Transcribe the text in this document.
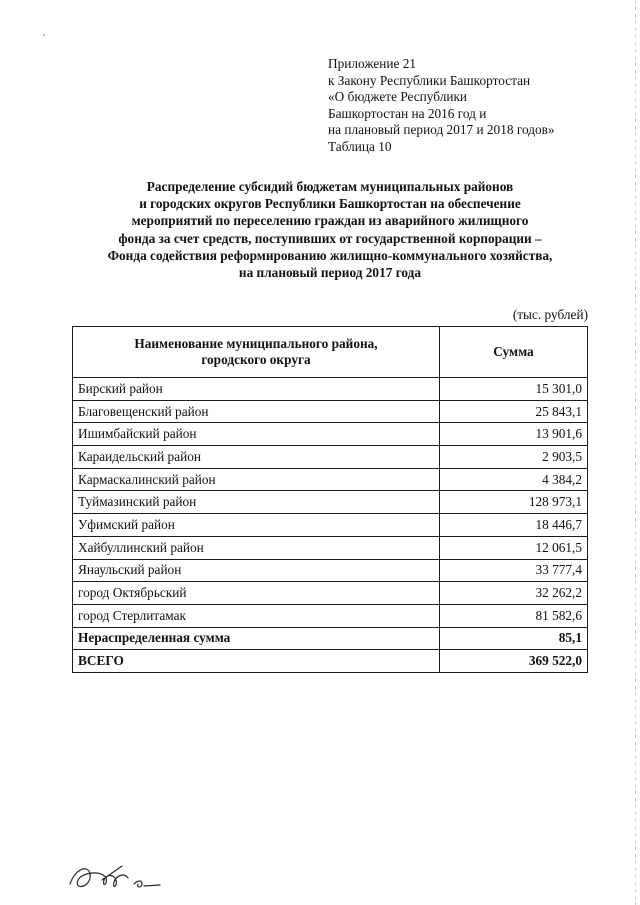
Приложение 21
к Закону Республики Башкортостан
«О бюджете Республики
Башкортостан на 2016 год и
на плановый период 2017 и 2018 годов»
Таблица 10
Распределение субсидий бюджетам муниципальных районов
и городских округов Республики Башкортостан на обеспечение
мероприятий по переселению граждан из аварийного жилищного
фонда за счет средств, поступивших от государственной корпорации –
Фонда содействия реформированию жилищно-коммунального хозяйства,
на плановый период 2017 года
(тыс. рублей)
Наименование муниципального района,
городского округа	Сумма
Бирский район	15 301,0
Благовещенский район	25 843,1
Ишимбайский район	13 901,6
Караидельский район	2 903,5
Кармаскалинский район	4 384,2
Туймазинский район	128 973,1
Уфимский район	18 446,7
Хайбуллинский район	12 061,5
Янаульский район	33 777,4
город Октябрьский	32 262,2
город Стерлитамак	81 582,6
Нераспределенная сумма	85,1
ВСЕГО	369 522,0
